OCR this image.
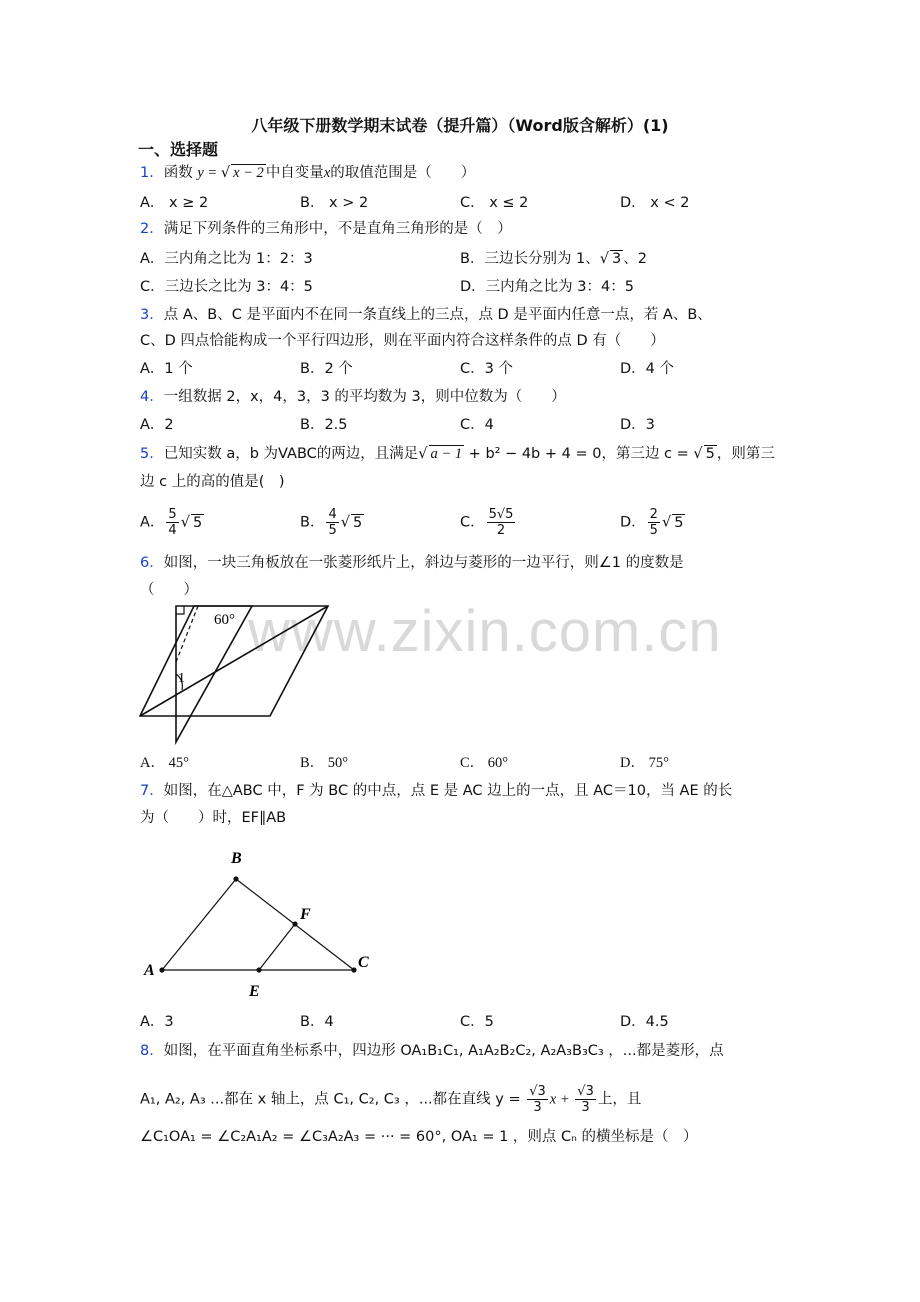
八年级下册数学期末试卷（提升篇）（Word版含解析）(1)
一、选择题
www.zixin.com.cn
1．函数 y = √ x − 2 中自变量x的取值范围是（　　）
A． x ≥ 2	B． x > 2	C． x ≤ 2	D． x < 2
2．满足下列条件的三角形中，不是直角三角形的是（　）
A．三内角之比为 1：2：3	B．三边长分别为 1、√ 3 、2
C．三边长之比为 3：4：5	D．三内角之比为 3：4：5
3．点 A、B、C 是平面内不在同一条直线上的三点，点 D 是平面内任意一点，若 A、B、
C、D 四点恰能构成一个平行四边形，则在平面内符合这样条件的点 D 有（　　）
A．1 个	B．2 个	C．3 个	D．4 个
4．一组数据 2，x，4，3，3 的平均数为 3，则中位数为（　　）
A．2	B．2.5	C．4	D．3
5．已知实数 a，b 为VABC的两边，且满足√ a − 1 + b² − 4b + 4 = 0，第三边 c = √ 5 ，则第三
边 c 上的高的值是(　)
A． $\frac{5}{4}$ √ 5	B． $\frac{4}{5}$ √ 5	C． $\frac{5√5}{2}$	D． $\frac{2}{5}$ √ 5
6．如图，一块三角板放在一张菱形纸片上，斜边与菱形的一边平行，则∠1 的度数是
（　　）
60°
1
A． 45°	B． 50°	C． 60°	D． 75°
7．如图，在△ABC 中，F 为 BC 的中点，点 E 是 AC 边上的一点，且 AC＝10，当 AE 的长
为（　　）时，EF∥AB
B
F
A	C
E
A．3	B．4	C．5	D．4.5
8．如图，在平面直角坐标系中，四边形 OA₁B₁C₁, A₁A₂B₂C₂, A₂A₃B₃C₃ ，...都是菱形，点
A₁, A₂, A₃ ...都在 x 轴上，点 C₁, C₂, C₃ ，...都在直线 $y = \frac{√3}{3}$ $x + \frac{√3}{3}$ 上，且
∠C₁OA₁ = ∠C₂A₁A₂ = ∠C₃A₂A₃ = ··· = 60°, OA₁ = 1 ，则点 Cₙ 的横坐标是（　）
